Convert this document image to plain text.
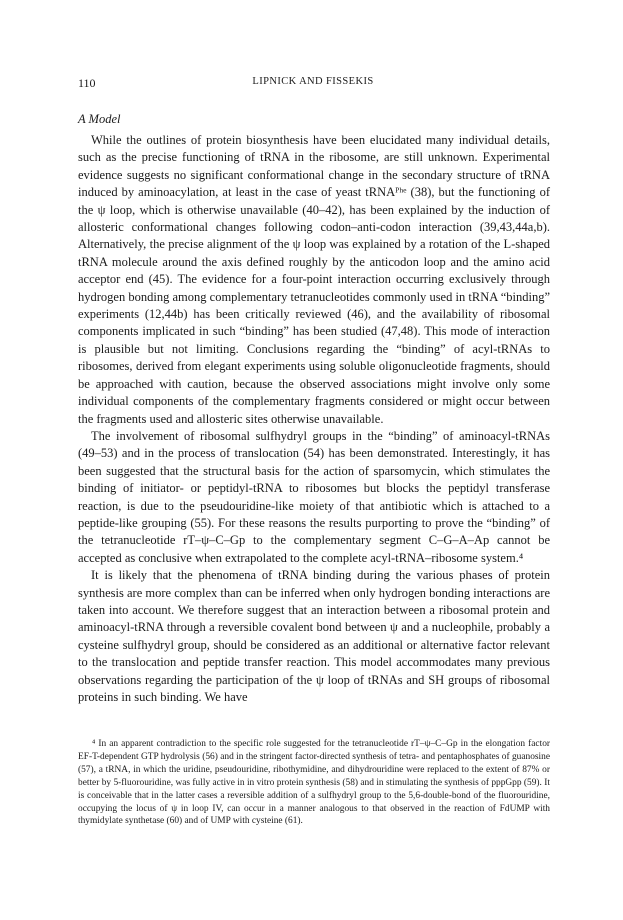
110	LIPNICK AND FISSEKIS
A Model

While the outlines of protein biosynthesis have been elucidated many individual details, such as the precise functioning of tRNA in the ribosome, are still unknown. Experimental evidence suggests no significant conformational change in the secondary structure of tRNA induced by aminoacylation, at least in the case of yeast tRNAᴾʰᵉ (38), but the functioning of the ψ loop, which is otherwise unavailable (40–42), has been explained by the induction of allosteric conformational changes following codon–anti-codon interaction (39,43,44a,b). Alternatively, the precise alignment of the ψ loop was explained by a rotation of the L-shaped tRNA molecule around the axis defined roughly by the anticodon loop and the amino acid acceptor end (45). The evidence for a four-point interaction occurring exclusively through hydrogen bonding among complementary tetranucleotides commonly used in tRNA “binding” experiments (12,44b) has been critically reviewed (46), and the availability of ribosomal components implicated in such “binding” has been studied (47,48). This mode of interaction is plausible but not limiting. Conclusions regarding the “binding” of acyl-tRNAs to ribosomes, derived from elegant experiments using soluble oligonucleotide fragments, should be approached with caution, because the observed associations might involve only some individual components of the complementary fragments considered or might occur between the fragments used and allosteric sites otherwise unavailable.

The involvement of ribosomal sulfhydryl groups in the “binding” of aminoacyl-tRNAs (49–53) and in the process of translocation (54) has been demonstrated. Interestingly, it has been suggested that the structural basis for the action of sparsomycin, which stimulates the binding of initiator- or peptidyl-tRNA to ribosomes but blocks the peptidyl transferase reaction, is due to the pseudouridine-like moiety of that antibiotic which is attached to a peptide-like grouping (55). For these reasons the results purporting to prove the “binding” of the tetranucleotide rT–ψ–C–Gp to the complementary segment C–G–A–Ap cannot be accepted as conclusive when extrapolated to the complete acyl-tRNA–ribosome system.⁴

It is likely that the phenomena of tRNA binding during the various phases of protein synthesis are more complex than can be inferred when only hydrogen bonding interactions are taken into account. We therefore suggest that an interaction between a ribosomal protein and aminoacyl-tRNA through a reversible covalent bond between ψ and a nucleophile, probably a cysteine sulfhydryl group, should be considered as an additional or alternative factor relevant to the translocation and peptide transfer reaction. This model accommodates many previous observations regarding the participation of the ψ loop of tRNAs and SH groups of ribosomal proteins in such binding. We have

⁴ In an apparent contradiction to the specific role suggested for the tetranucleotide rT–ψ–C–Gp in the elongation factor EF-T-dependent GTP hydrolysis (56) and in the stringent factor-directed synthesis of tetra- and pentaphosphates of guanosine (57), a tRNA, in which the uridine, pseudouridine, ribothymidine, and dihydrouridine were replaced to the extent of 87% or better by 5-fluorouridine, was fully active in in vitro protein synthesis (58) and in stimulating the synthesis of pppGpp (59). It is conceivable that in the latter cases a reversible addition of a sulfhydryl group to the 5,6-double-bond of the fluorouridine, occupying the locus of ψ in loop IV, can occur in a manner analogous to that observed in the reaction of FdUMP with thymidylate synthetase (60) and of UMP with cysteine (61).
